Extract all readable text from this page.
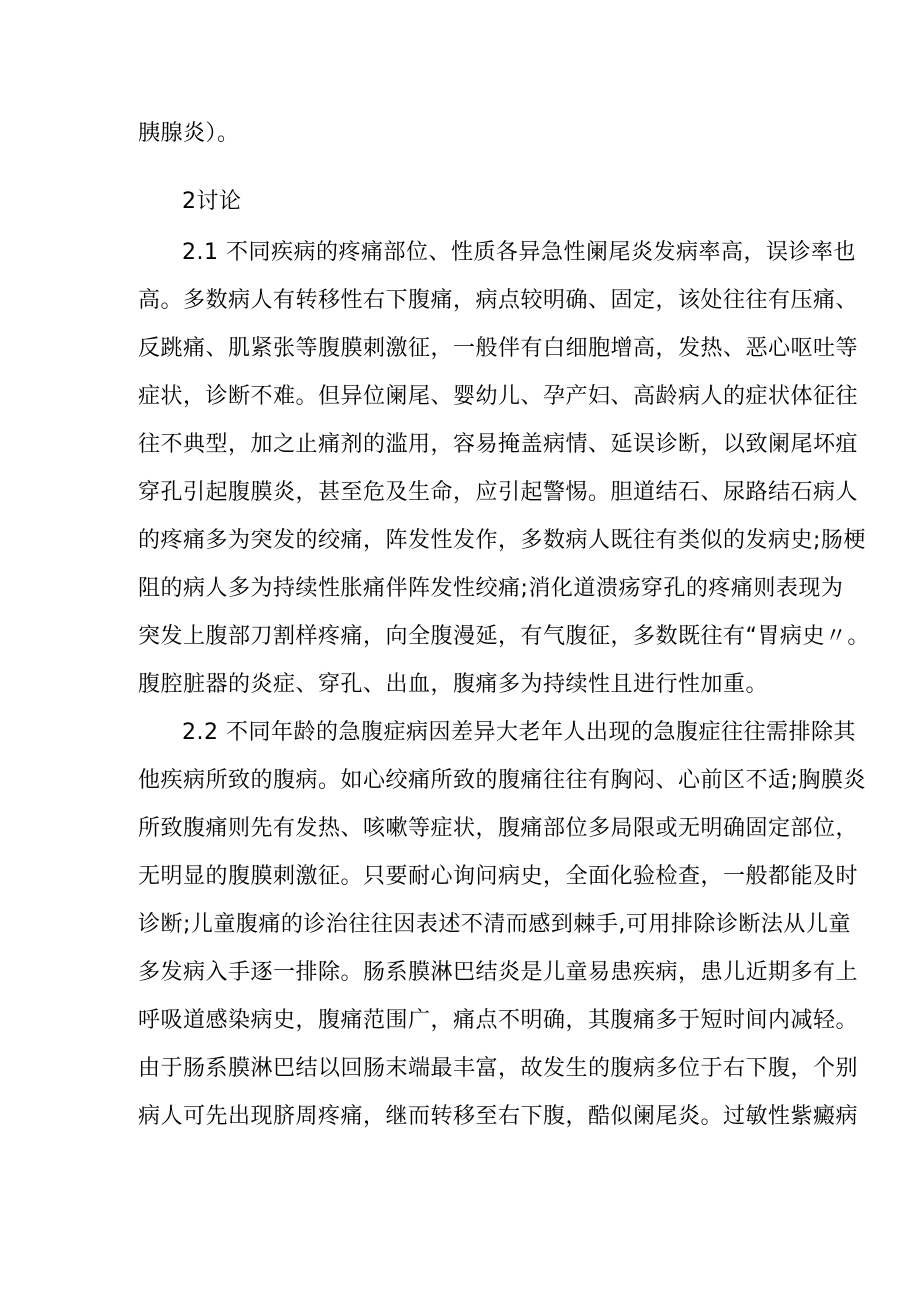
胰腺炎）。
2讨论
2.1 不同疾病的疼痛部位、性质各异急性阑尾炎发病率高，误诊率也
高。多数病人有转移性右下腹痛，病点较明确、固定，该处往往有压痛、
反跳痛、肌紧张等腹膜刺激征，一般伴有白细胞增高，发热、恶心呕吐等
症状，诊断不难。但异位阑尾、婴幼儿、孕产妇、高龄病人的症状体征往
往不典型，加之止痛剂的滥用，容易掩盖病情、延误诊断，以致阑尾坏疽
穿孔引起腹膜炎，甚至危及生命，应引起警惕。胆道结石、尿路结石病人
的疼痛多为突发的绞痛，阵发性发作，多数病人既往有类似的发病史;肠梗
阻的病人多为持续性胀痛伴阵发性绞痛;消化道溃疡穿孔的疼痛则表现为
突发上腹部刀割样疼痛，向全腹漫延，有气腹征，多数既往有“胃病史〃。
腹腔脏器的炎症、穿孔、出血，腹痛多为持续性且进行性加重。
2.2 不同年龄的急腹症病因差异大老年人出现的急腹症往往需排除其
他疾病所致的腹病。如心绞痛所致的腹痛往往有胸闷、心前区不适;胸膜炎
所致腹痛则先有发热、咳嗽等症状，腹痛部位多局限或无明确固定部位，
无明显的腹膜刺激征。只要耐心询问病史，全面化验检查，一般都能及时
诊断;儿童腹痛的诊治往往因表述不清而感到棘手,可用排除诊断法从儿童
多发病入手逐一排除。肠系膜淋巴结炎是儿童易患疾病，患儿近期多有上
呼吸道感染病史，腹痛范围广，痛点不明确，其腹痛多于短时间内减轻。
由于肠系膜淋巴结以回肠末端最丰富，故发生的腹病多位于右下腹，个别
病人可先出现脐周疼痛，继而转移至右下腹，酷似阑尾炎。过敏性紫癜病
